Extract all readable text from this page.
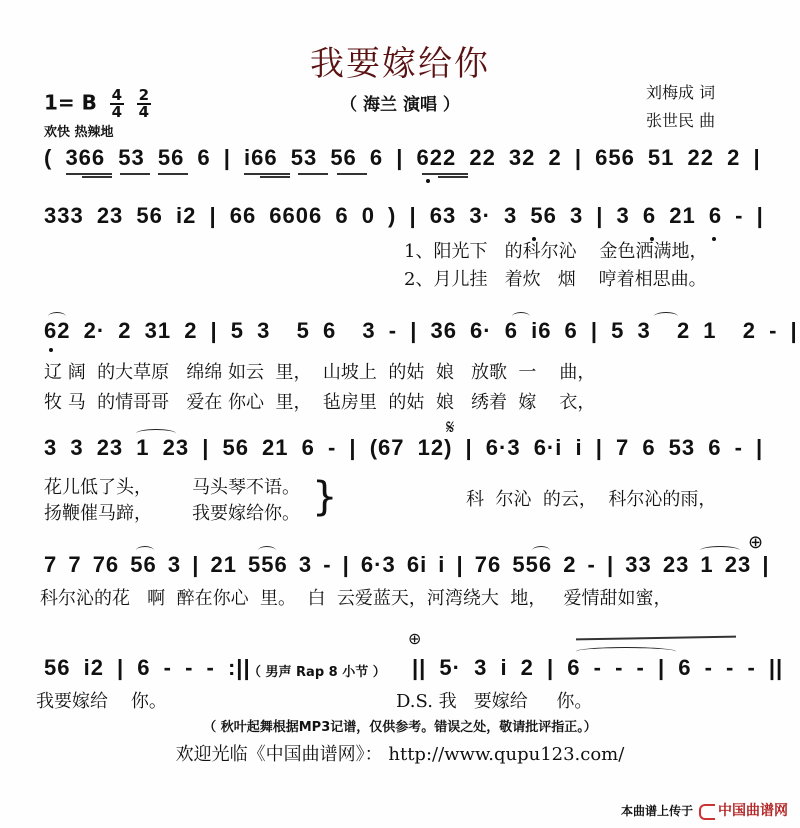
我要嫁给你
（ 海兰 演唱 ）
刘梅成 词
张世民 曲
1= B $\frac{4}{4}$
$\frac{2}{4}$
欢快 热辣地
( 366 53 56 6 | i66 53 56 6 | 622 22 32 2 | 656 51 22 2 |
333 23 56 i2 | 66 6606 6 0 ) | 63 3· 3 56 3 | 3 6 21 6 - |
1、阳光下   的科尔沁    金色洒满地，
2、月儿挂   着炊   烟    哼着相思曲。
62 2· 2 31 2 | 5 3  5 6  3 - | 36 6· 6 i6 6 | 5 3  2 1  2 - |
辽 阔  的大草原   绵绵 如云  里，  山坡上  的姑  娘   放歌  一    曲，
牧 马  的情哥哥   爱在 你心  里，  毡房里  的姑  娘   绣着  嫁    衣，
𝄋
3 3 23 1 23 | 56 21 6 - | (67 12) | 6·3 6·i i | 7 6 53 6 - |
花儿低了头，       马头琴不语。
扬鞭催马蹄，       我要嫁给你。 }	科  尔沁  的云，  科尔沁的雨，
⊕
7 7 76 56 3 | 21 556 3 - | 6·3 6i i | 76 556 2 - | 33 23 1 23 |
科尔沁的花   啊  醉在你心  里。  白  云爱蓝天，河湾绕大  地，   爱情甜如蜜，
56 i2 | 6 - - - :||
（ 男声 Rap 8 小节 ）
⊕
|| 5· 3 i 2 | 6 - - - | 6 - - - ||
我要嫁给    你。	D.S. 我   要嫁给     你。
（ 秋叶起舞根据MP3记谱，仅供参考。错误之处，敬请批评指正。）
欢迎光临《中国曲谱网》： http://www.qupu123.com/
本曲谱上传于 中国曲谱网
